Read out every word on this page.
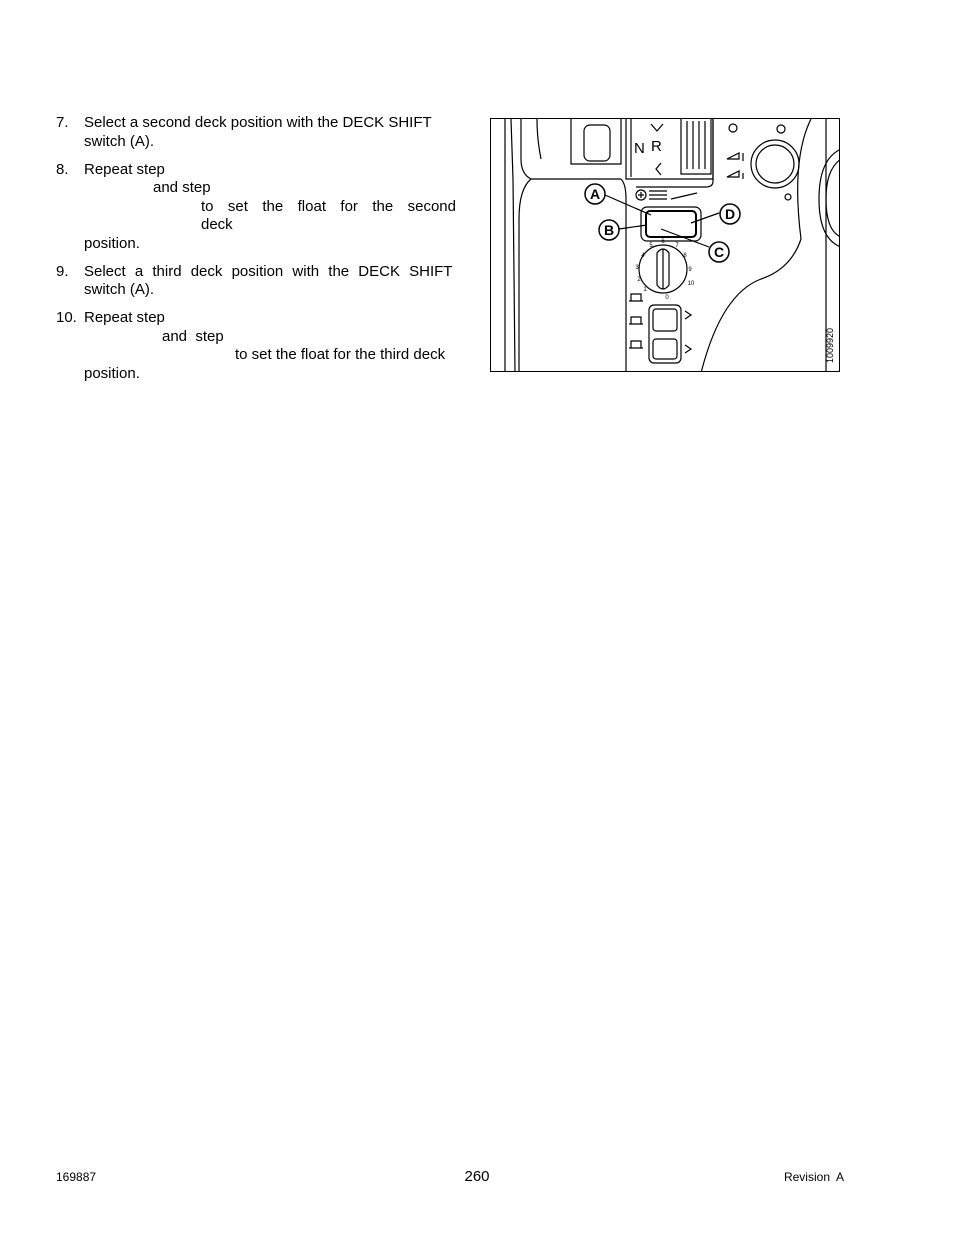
7. Select a second deck position with the DECK SHIFT
switch (A).
8. Repeat step
and step
to set the float for the second deck
position.
9. Select a third deck position with the DECK SHIFT
switch (A).
10. Repeat step
and  step
to set the float for the third deck
position.
N R
5
6
7
8
9
10
4
3
2
1
0
A
B
C
D
1009920
169887	260	Revision  A
